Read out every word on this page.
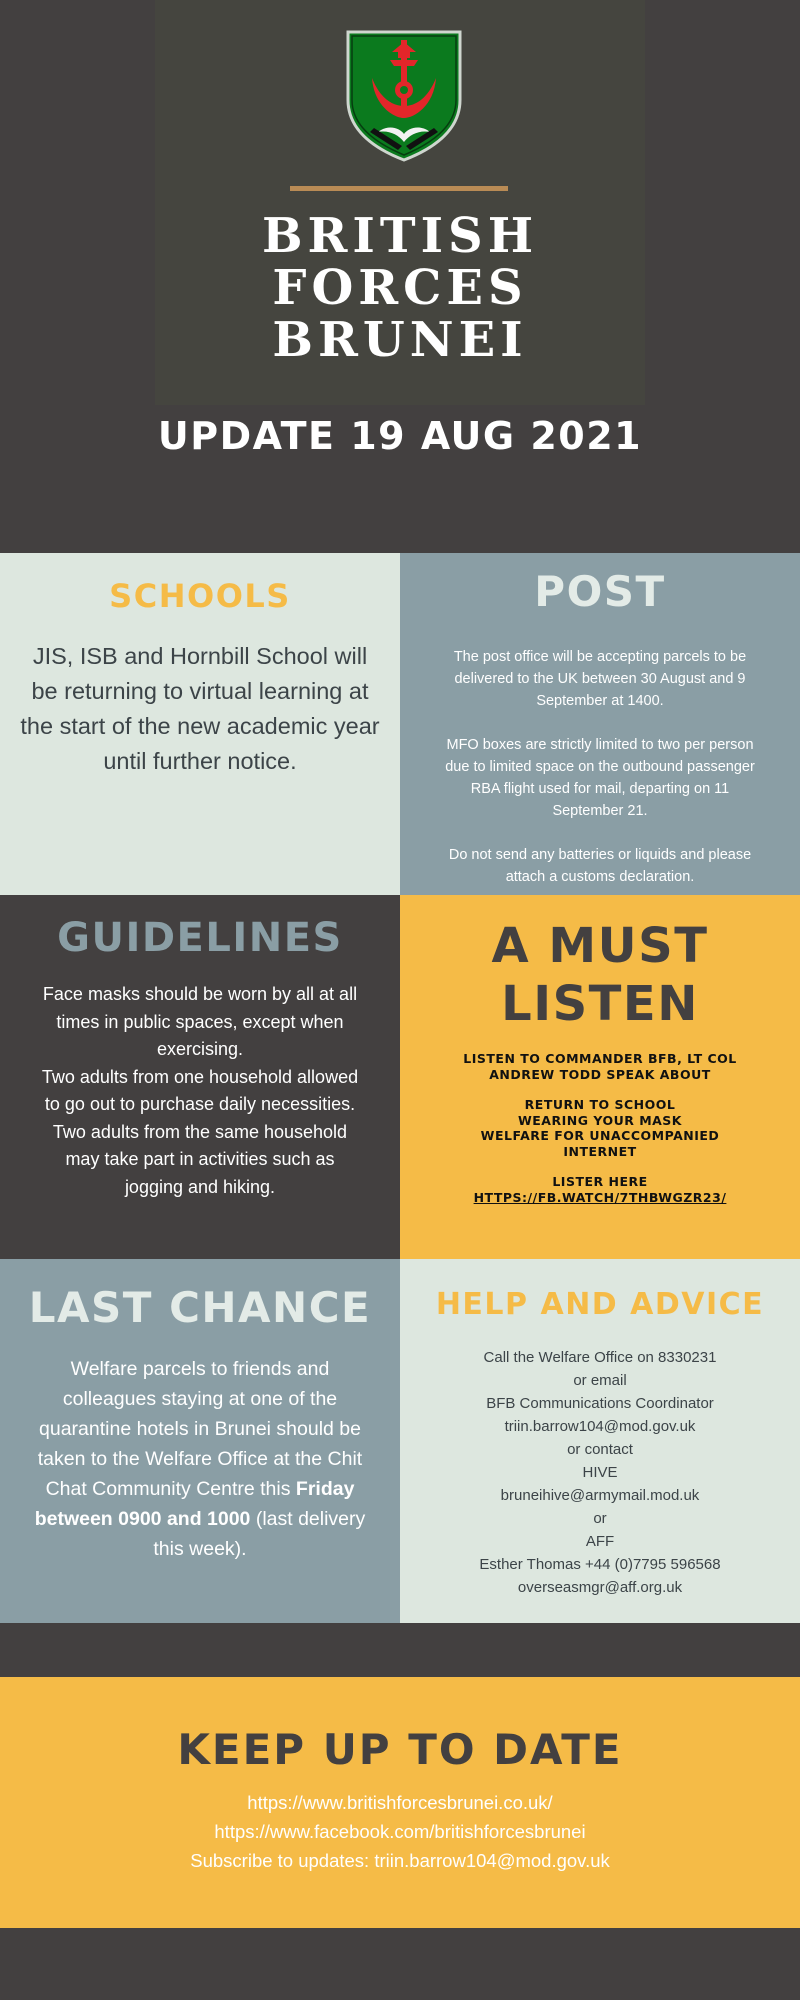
BRITISH
FORCES
BRUNEI
UPDATE 19 AUG 2021
SCHOOLS

JIS, ISB and Hornbill School will be returning to virtual learning at the start of the new academic year until further notice.

POST

The post office will be accepting parcels to be delivered to the UK between 30 August and 9 September at 1400.

MFO boxes are strictly limited to two per person due to limited space on the outbound passenger RBA flight used for mail, departing on 11 September 21.

Do not send any batteries or liquids and please attach a customs declaration.

GUIDELINES

Face masks should be worn by all at all times in public spaces, except when exercising.

Two adults from one household allowed to go out to purchase daily necessities.

Two adults from the same household may take part in activities such as jogging and hiking.

A MUST
LISTEN

LISTEN TO COMMANDER BFB, LT COL ANDREW TODD SPEAK ABOUT

RETURN TO SCHOOL
WEARING YOUR MASK
WELFARE FOR UNACCOMPANIED
INTERNET

LISTER HERE
HTTPS://FB.WATCH/7THBWGZR23/

LAST CHANCE

Welfare parcels to friends and colleagues staying at one of the quarantine hotels in Brunei should be taken to the Welfare Office at the Chit Chat Community Centre this Friday between 0900 and 1000 (last delivery this week).

HELP AND ADVICE
Call the Welfare Office on 8330231
or email
BFB Communications Coordinator
triin.barrow104@mod.gov.uk
or contact
HIVE
bruneihive@armymail.mod.uk
or
AFF
Esther Thomas +44 (0)7795 596568
overseasmgr@aff.org.uk
KEEP UP TO DATE
https://www.britishforcesbrunei.co.uk/
https://www.facebook.com/britishforcesbrunei
Subscribe to updates: triin.barrow104@mod.gov.uk
